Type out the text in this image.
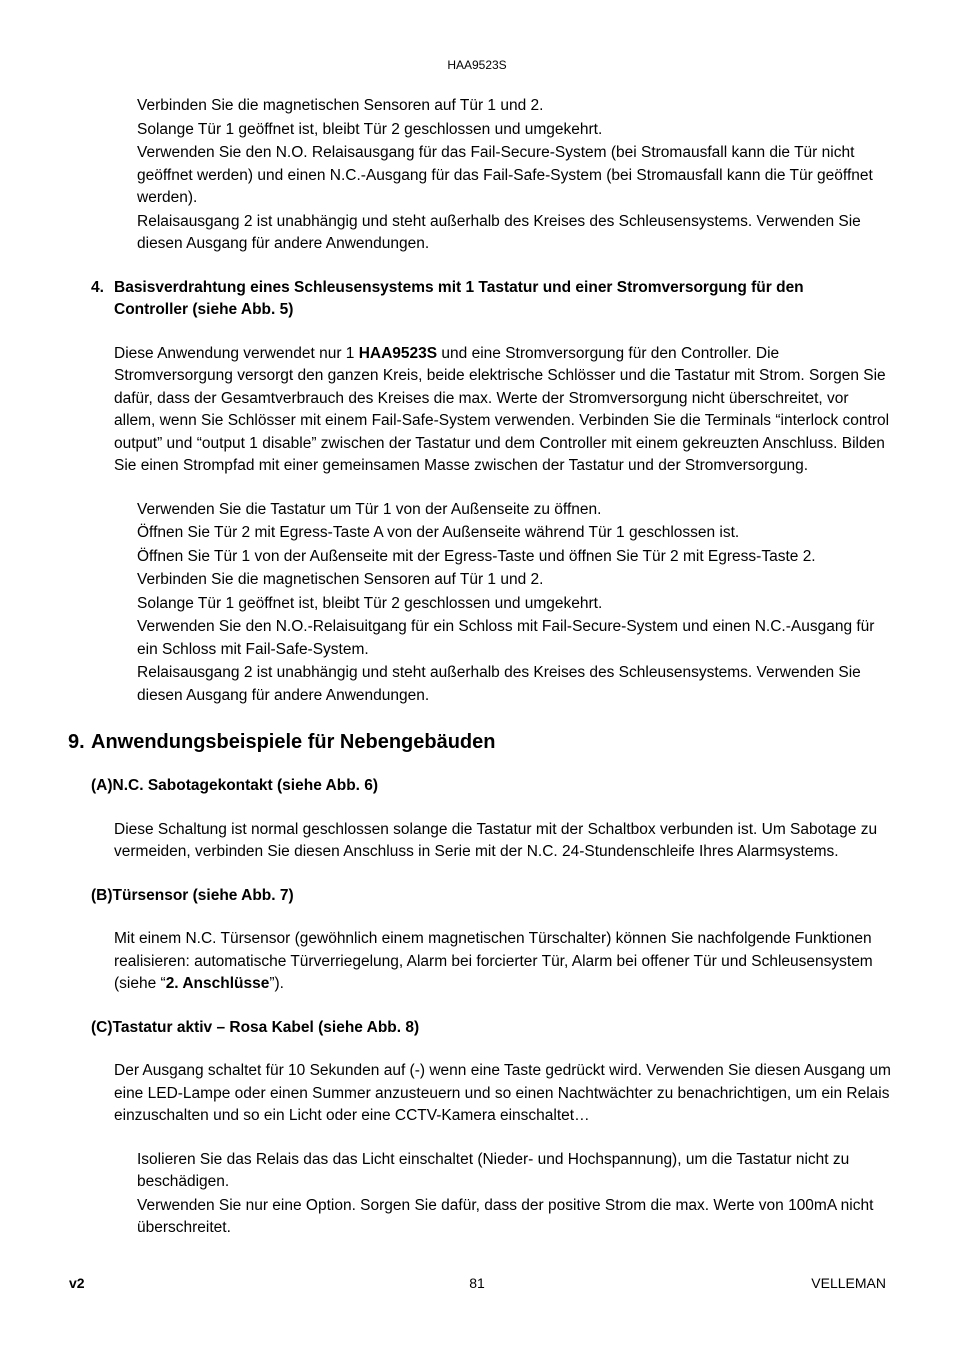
HAA9523S
Verbinden Sie die magnetischen Sensoren auf Tür 1 und 2.
Solange Tür 1 geöffnet ist, bleibt Tür 2 geschlossen und umgekehrt.
Verwenden Sie den N.O. Relaisausgang für das Fail-Secure-System (bei Stromausfall kann die Tür nicht geöffnet werden) und einen N.C.-Ausgang für das Fail-Safe-System (bei Stromausfall kann die Tür geöffnet werden).
Relaisausgang 2 ist unabhängig und steht außerhalb des Kreises des Schleusensystems. Verwenden Sie diesen Ausgang für andere Anwendungen.
4. Basisverdrahtung eines Schleusensystems mit 1 Tastatur und einer Stromversorgung für den Controller (siehe Abb. 5)

Diese Anwendung verwendet nur 1 HAA9523S und eine Stromversorgung für den Controller. Die Stromversorgung versorgt den ganzen Kreis, beide elektrische Schlösser und die Tastatur mit Strom. Sorgen Sie dafür, dass der Gesamtverbrauch des Kreises die max. Werte der Stromversorgung nicht überschreitet, vor allem, wenn Sie Schlösser mit einem Fail-Safe-System verwenden. Verbinden Sie die Terminals “interlock control output” und “output 1 disable” zwischen der Tastatur und dem Controller mit einem gekreuzten Anschluss. Bilden Sie einen Strompfad mit einer gemeinsamen Masse zwischen der Tastatur und der Stromversorgung.

Verwenden Sie die Tastatur um Tür 1 von der Außenseite zu öffnen.
Öffnen Sie Tür 2 mit Egress-Taste A von der Außenseite während Tür 1 geschlossen ist.
Öffnen Sie Tür 1 von der Außenseite mit der Egress-Taste und öffnen Sie Tür 2 mit Egress-Taste 2.
Verbinden Sie die magnetischen Sensoren auf Tür 1 und 2.
Solange Tür 1 geöffnet ist, bleibt Tür 2 geschlossen und umgekehrt.
Verwenden Sie den N.O.-Relaisuitgang für ein Schloss mit Fail-Secure-System und einen N.C.-Ausgang für ein Schloss mit Fail-Safe-System.
Relaisausgang 2 ist unabhängig und steht außerhalb des Kreises des Schleusensystems. Verwenden Sie diesen Ausgang für andere Anwendungen.
9. Anwendungsbeispiele für Nebengebäuden
(A)N.C. Sabotagekontakt (siehe Abb. 6)

Diese Schaltung ist normal geschlossen solange die Tastatur mit der Schaltbox verbunden ist. Um Sabotage zu vermeiden, verbinden Sie diesen Anschluss in Serie mit der N.C. 24-Stundenschleife Ihres Alarmsystems.

(B)Türsensor (siehe Abb. 7)

Mit einem N.C. Türsensor (gewöhnlich einem magnetischen Türschalter) können Sie nachfolgende Funktionen realisieren: automatische Türverriegelung, Alarm bei forcierter Tür, Alarm bei offener Tür und Schleusensystem (siehe “2. Anschlüsse”).

(C)Tastatur aktiv – Rosa Kabel (siehe Abb. 8)

Der Ausgang schaltet für 10 Sekunden auf (-) wenn eine Taste gedrückt wird. Verwenden Sie diesen Ausgang um eine LED-Lampe oder einen Summer anzusteuern und so einen Nachtwächter zu benachrichtigen, um ein Relais einzuschalten und so ein Licht oder eine CCTV-Kamera einschaltet…

Isolieren Sie das Relais das das Licht einschaltet (Nieder- und Hochspannung), um die Tastatur nicht zu beschädigen.
Verwenden Sie nur eine Option. Sorgen Sie dafür, dass der positive Strom die max. Werte von 100mA nicht überschreitet.
v2	81	VELLEMAN
